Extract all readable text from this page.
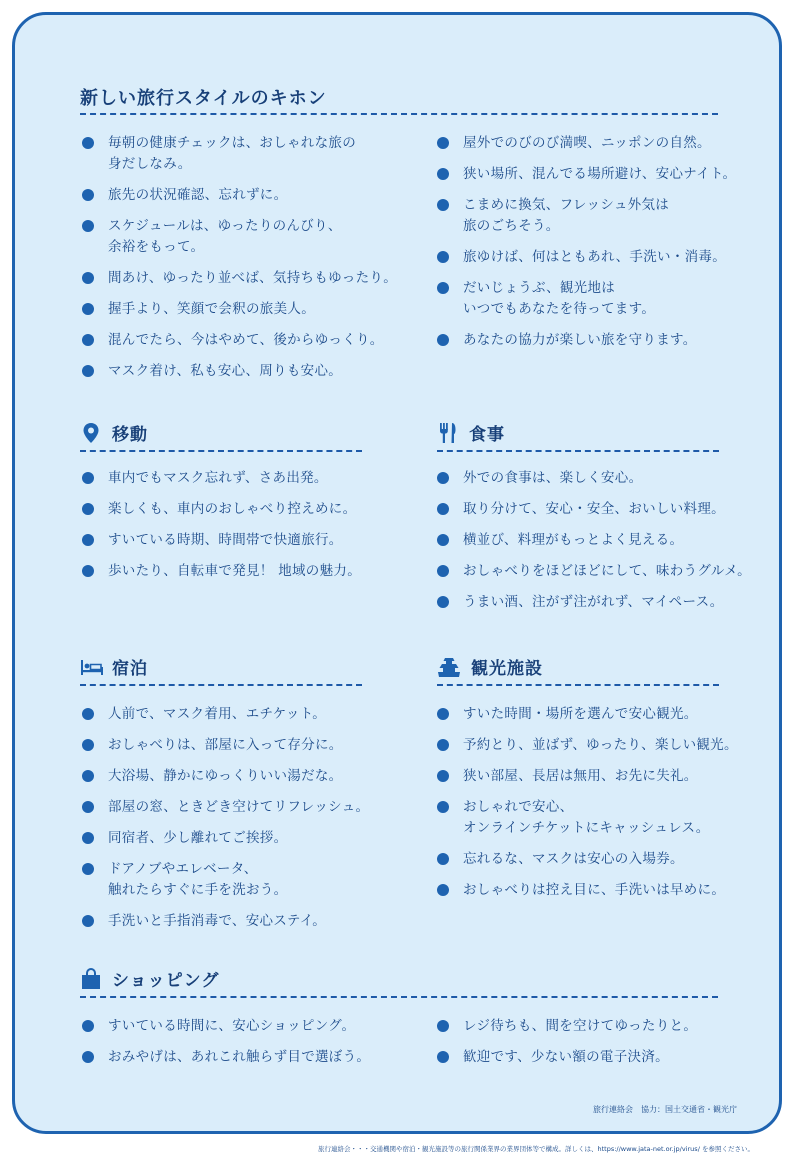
新しい旅行スタイルのキホン
毎朝の健康チェックは、おしゃれな旅の
身だしなみ。
旅先の状況確認、忘れずに。
スケジュールは、ゆったりのんびり、
余裕をもって。
間あけ、ゆったり並べば、気持ちもゆったり。
握手より、笑顔で会釈の旅美人。
混んでたら、今はやめて、後からゆっくり。
マスク着け、私も安心、周りも安心。
屋外でのびのび満喫、ニッポンの自然。
狭い場所、混んでる場所避け、安心ナイト。
こまめに換気、フレッシュ外気は
旅のごちそう。
旅ゆけば、何はともあれ、手洗い・消毒。
だいじょうぶ、観光地は
いつでもあなたを待ってます。
あなたの協力が楽しい旅を守ります。
移動
車内でもマスク忘れず、さあ出発。
楽しくも、車内のおしゃべり控えめに。
すいている時期、時間帯で快適旅行。
歩いたり、自転車で発見！ 地域の魅力。
食事
外での食事は、楽しく安心。
取り分けて、安心・安全、おいしい料理。
横並び、料理がもっとよく見える。
おしゃべりをほどほどにして、味わうグルメ。
うまい酒、注がず注がれず、マイペース。
宿泊
人前で、マスク着用、エチケット。
おしゃべりは、部屋に入って存分に。
大浴場、静かにゆっくりいい湯だな。
部屋の窓、ときどき空けてリフレッシュ。
同宿者、少し離れてご挨拶。
ドアノブやエレベータ、
触れたらすぐに手を洗おう。
手洗いと手指消毒で、安心ステイ。
観光施設
すいた時間・場所を選んで安心観光。
予約とり、並ばず、ゆったり、楽しい観光。
狭い部屋、長居は無用、お先に失礼。
おしゃれで安心、
オンラインチケットにキャッシュレス。
忘れるな、マスクは安心の入場券。
おしゃべりは控え目に、手洗いは早めに。
ショッピング
すいている時間に、安心ショッピング。
おみやげは、あれこれ触らず目で選ぼう。
レジ待ちも、間を空けてゆったりと。
歓迎です、少ない額の電子決済。
旅行連絡会　協力：国土交通省・観光庁
旅行連絡会・・・交通機関や宿泊・観光施設等の旅行関係業界の業界団体等で構成。詳しくは、https://www.jata-net.or.jp/virus/ を参照ください。
